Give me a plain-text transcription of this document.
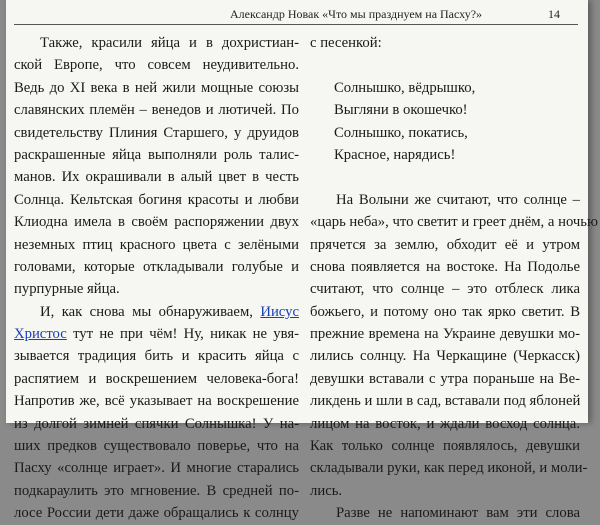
Александр Новак «Что мы празднуем на Пасху?»	14
Также, красили яйца и в дохристиан-
ской Европе, что совсем неудивительно.
Ведь до XI века в ней жили мощные союзы
славянских племён – венедов и лютичей. По
свидетельству Плиния Старшего, у друидов
раскрашенные яйца выполняли роль талис-
манов. Их окрашивали в алый цвет в честь
Солнца. Кельтская богиня красоты и любви
Клиодна имела в своём распоряжении двух
неземных птиц красного цвета с зелёными
головами, которые откладывали голубые и
пурпурные яйца.
И, как снова мы обнаруживаем, Иисус
Христос тут не при чём! Ну, никак не увя-
зывается традиция бить и красить яйца с
распятием и воскрешением человека-бога!
Напротив же, всё указывает на воскрешение
из долгой зимней спячки Солнышка! У на-
ших предков существовало поверье, что на
Пасху «солнце играет». И многие старались
подкараулить это мгновение. В средней по-
лосе России дети даже обращались к солнцу
с песенкой:
Солнышко, вёдрышко,
Выгляни в окошечко!
Солнышко, покатись,
Красное, нарядись!
На Волыни же считают, что солнце –
«царь неба», что светит и греет днём, а ночью
прячется за землю, обходит её и утром
снова появляется на востоке. На Подолье
считают, что солнце – это отблеск лика
божьего, и потому оно так ярко светит. В
прежние времена на Украине девушки мо-
лились солнцу. На Черкащине (Черкасск)
девушки вставали с утра пораньше на Ве-
ликдень и шли в сад, вставали под яблоней
лицом на восток, и ждали восход солнца.
Как только солнце появлялось, девушки
складывали руки, как перед иконой, и моли-
лись.
Разве не напоминают вам эти слова
